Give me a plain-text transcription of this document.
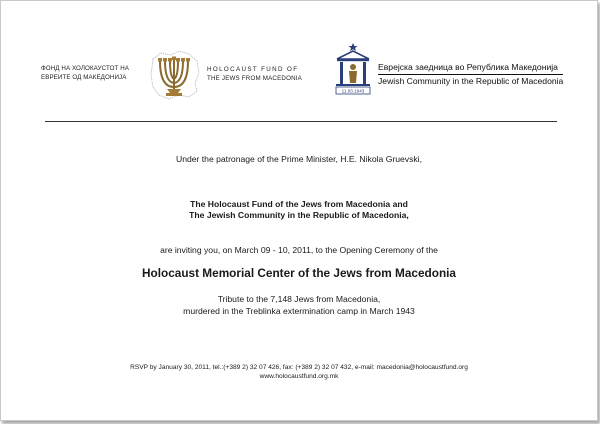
ФОНД НА ХОЛОКАУСТОТ НА
ЕВРЕИТЕ ОД МАКЕДОНИЈА
HOLOCAUST FUND OF
THE JEWS FROM MACEDONIA
11.03.1943
Еврејска заедница во Република Македонија
Jewish Community in the Republic of Macedonia
Under the patronage of the Prime Minister, H.E. Nikola Gruevski,
The Holocaust Fund of the Jews from Macedonia and
The Jewish Community in the Republic of Macedonia,
are inviting you, on March 09 - 10, 2011, to the Opening Ceremony of the
Holocaust Memorial Center of the Jews from Macedonia
Tribute to the 7,148 Jews from Macedonia,
murdered in the Treblinka extermination camp in March 1943
RSVP by January 30, 2011, tel.:(+389 2) 32 07 426, fax: (+389 2) 32 07 432, e-mail: macedonia@holocaustfund.org
www.holocaustfund.org.mk
